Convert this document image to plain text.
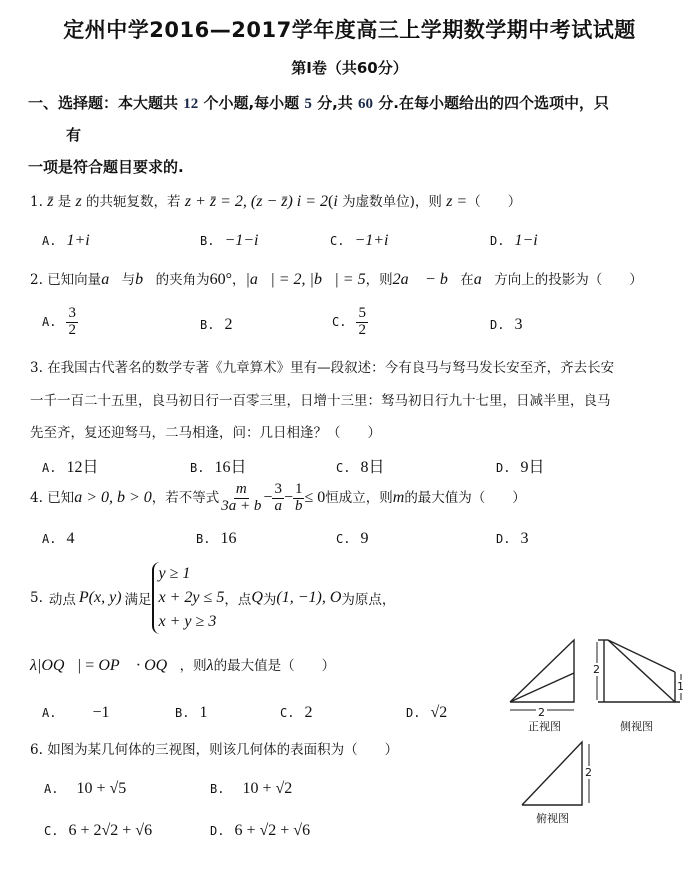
定州中学2016—2017学年度高三上学期数学期中考试试题
第Ⅰ卷（共60分）
一、选择题：本大题共 12 个小题,每小题 5 分,共 60 分.在每小题给出的四个选项中，只
有
一项是符合题目要求的.
1. z̄ 是 z 的共轭复数，若 z + z̄ = 2, (z − z̄) i = 2(i 为虚数单位)，则 z =（　　）
A. 1+i	B. −1−i	C. −1+i	D. 1−i
2. 已知向量a⃗与b⃗的夹角为60°，|a⃗| = 2, |b⃗| = 5，则2a⃗ − b⃗在a⃗方向上的投影为（　　）
A. $\frac{3}{2}$	B. 2	C. $\frac{5}{2}$	D. 3
3. 在我国古代著名的数学专著《九章算术》里有—段叙述：今有良马与驽马发长安至齐，齐去长安
一千一百二十五里，良马初日行一百零三里，日增十三里：驽马初日行九十七里，日减半里，良马
先至齐，复还迎驽马，二马相逢，问：几日相逢？（　　）
A. 12日	B. 16日	C. 8日	D. 9日
4. 已知a > 0, b > 0，若不等式 $\frac{m}{3a + b} - \frac{3}{a} - \frac{1}{b} \le 0$恒成立，则m的最大值为（　　）
A. 4	B. 16	C. 9	D. 3
5. 动点 P(x, y) 满足
y ≥ 1
x + 2y ≤ 5
x + y ≥ 3
，点 Q 为 (1, −1), O 为原点，
λ|OQ⃗| = OP⃗ · OQ⃗，则λ的最大值是（　　）
A. −1	B. 1	C. 2	D. √2
6. 如图为某几何体的三视图，则该几何体的表面积为（　　）
A. 10 + √5	B. 10 + √2
C. 6 + 2√2 + √6	D. 6 + √2 + √6
2
正视图
2
1
侧视图
2
俯视图
